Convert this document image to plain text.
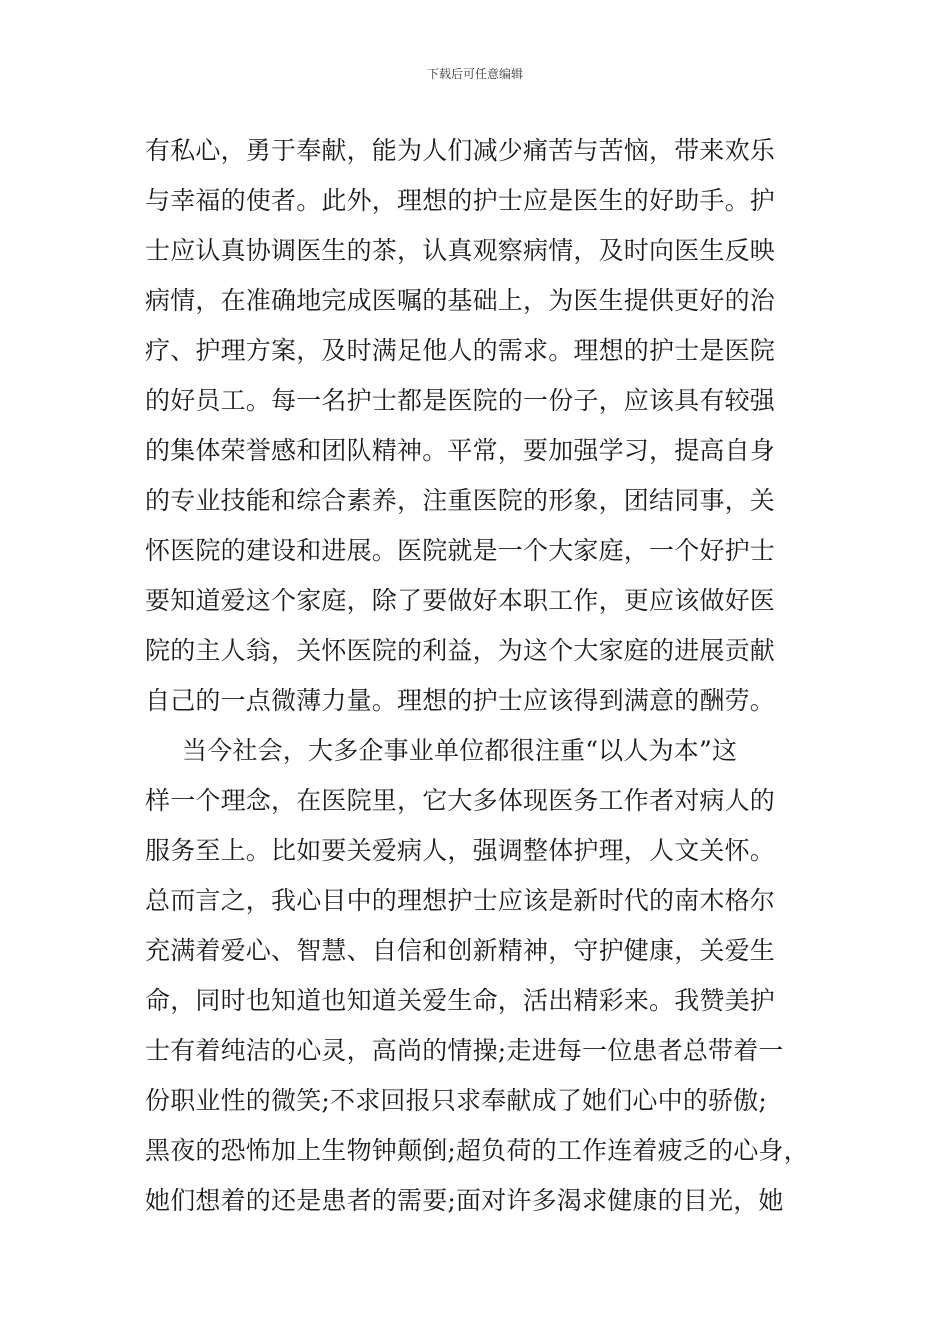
下载后可任意编辑
有私心，勇于奉献，能为人们减少痛苦与苦恼，带来欢乐
与幸福的使者。此外，理想的护士应是医生的好助手。护
士应认真协调医生的茶，认真观察病情，及时向医生反映
病情，在准确地完成医嘱的基础上，为医生提供更好的治
疗、护理方案，及时满足他人的需求。理想的护士是医院
的好员工。每一名护士都是医院的一份子，应该具有较强
的集体荣誉感和团队精神。平常，要加强学习，提高自身
的专业技能和综合素养，注重医院的形象，团结同事，关
怀医院的建设和进展。医院就是一个大家庭，一个好护士
要知道爱这个家庭，除了要做好本职工作，更应该做好医
院的主人翁，关怀医院的利益，为这个大家庭的进展贡献
自己的一点微薄力量。理想的护士应该得到满意的酬劳。
当今社会，大多企事业单位都很注重“以人为本”这
样一个理念，在医院里，它大多体现医务工作者对病人的
服务至上。比如要关爱病人，强调整体护理，人文关怀。
总而言之，我心目中的理想护士应该是新时代的南木格尔
充满着爱心、智慧、自信和创新精神，守护健康，关爱生
命，同时也知道也知道关爱生命，活出精彩来。我赞美护
士有着纯洁的心灵，高尚的情操;走进每一位患者总带着一
份职业性的微笑;不求回报只求奉献成了她们心中的骄傲;
黑夜的恐怖加上生物钟颠倒;超负荷的工作连着疲乏的心身，
她们想着的还是患者的需要;面对许多渴求健康的目光，她
